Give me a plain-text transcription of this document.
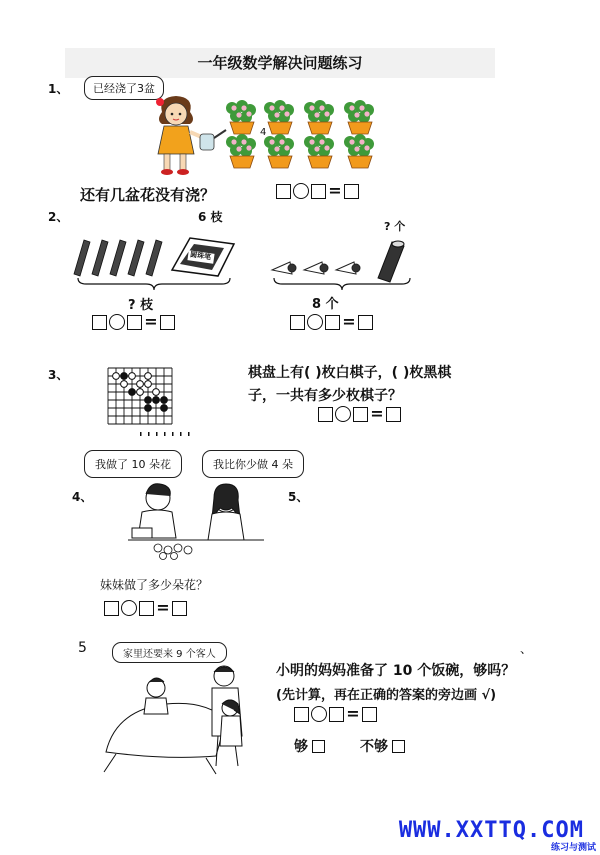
一年级数学解决问题练习
1、	已经浇了3盆
4
还有几盆花没有浇？	=
2、	6 枝
? 个
圆珠笔
? 枝	8 个
=	=
3、	棋盘上有( )枚白棋子，( )枚黑棋
子，一共有多少枚棋子？
=
我做了 10 朵花	我比你少做 4 朵
4、	5、
妹妹做了多少朵花？
=
5	、
家里还要来 9 个客人
小明的妈妈准备了 10 个饭碗，够吗？
(先计算，再在正确的答案的旁边画 √)
=
够	不够
WWW.XXTTQ.COM
练习与测试
